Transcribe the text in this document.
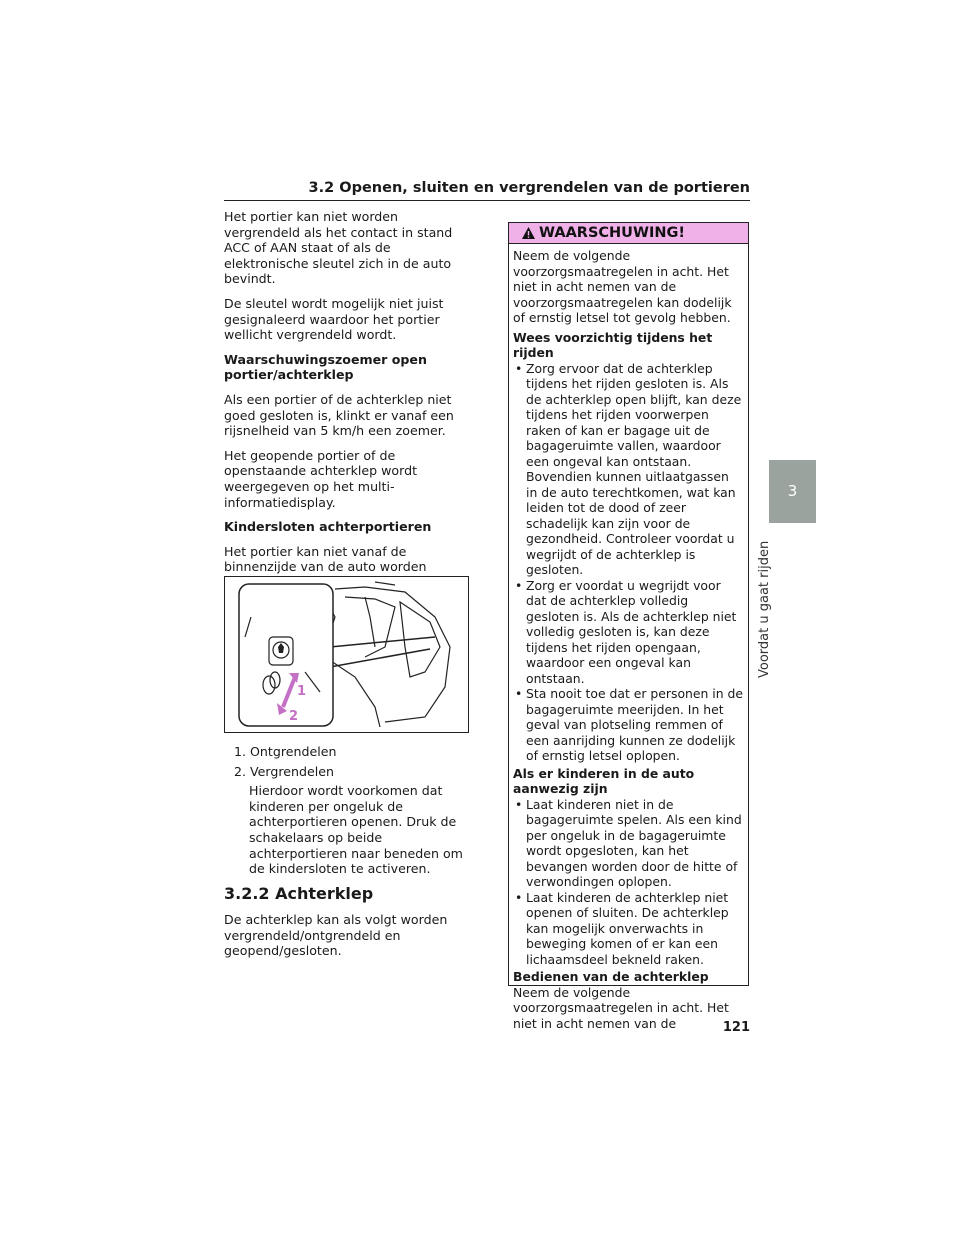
3.2 Openen, sluiten en vergrendelen van de portieren

Het portier kan niet worden vergrendeld als het contact in stand ACC of AAN staat of als de elektronische sleutel zich in de auto bevindt.

De sleutel wordt mogelijk niet juist gesignaleerd waardoor het portier wellicht vergrendeld wordt.

Waarschuwingszoemer open portier/achterklep

Als een portier of de achterklep niet goed gesloten is, klinkt er vanaf een rijsnelheid van 5 km/h een zoemer.

Het geopende portier of de openstaande achterklep wordt weergegeven op het multi-informatiedisplay.

Kindersloten achterportieren

Het portier kan niet vanaf de binnenzijde van de auto worden

1
2
1. Ontgrendelen
2. Vergrendelen
Hierdoor wordt voorkomen dat kinderen per ongeluk de achterportieren openen. Druk de schakelaars op beide achterportieren naar beneden om de kindersloten te activeren.
3.2.2 Achterklep
De achterklep kan als volgt worden vergrendeld/ontgrendeld en geopend/gesloten.
WAARSCHUWING!

Neem de volgende voorzorgsmaatregelen in acht. Het niet in acht nemen van de voorzorgsmaatregelen kan dodelijk of ernstig letsel tot gevolg hebben.

Wees voorzichtig tijdens het rijden

• Zorg ervoor dat de achterklep tijdens het rijden gesloten is. Als de achterklep open blijft, kan deze tijdens het rijden voorwerpen raken of kan er bagage uit de bagageruimte vallen, waardoor een ongeval kan ontstaan. Bovendien kunnen uitlaatgassen in de auto terechtkomen, wat kan leiden tot de dood of zeer schadelijk kan zijn voor de gezondheid. Controleer voordat u wegrijdt of de achterklep is gesloten.
• Zorg er voordat u wegrijdt voor dat de achterklep volledig gesloten is. Als de achterklep niet volledig gesloten is, kan deze tijdens het rijden opengaan, waardoor een ongeval kan ontstaan.
• Sta nooit toe dat er personen in de bagageruimte meerijden. In het geval van plotseling remmen of een aanrijding kunnen ze dodelijk of ernstig letsel oplopen.

Als er kinderen in de auto aanwezig zijn

• Laat kinderen niet in de bagageruimte spelen. Als een kind per ongeluk in de bagageruimte wordt opgesloten, kan het bevangen worden door de hitte of verwondingen oplopen.
• Laat kinderen de achterklep niet openen of sluiten. De achterklep kan mogelijk onverwachts in beweging komen of er kan een lichaamsdeel bekneld raken.

Bedienen van de achterklep

Neem de volgende voorzorgsmaatregelen in acht. Het niet in acht nemen van de

3
Voordat u gaat rijden
121
